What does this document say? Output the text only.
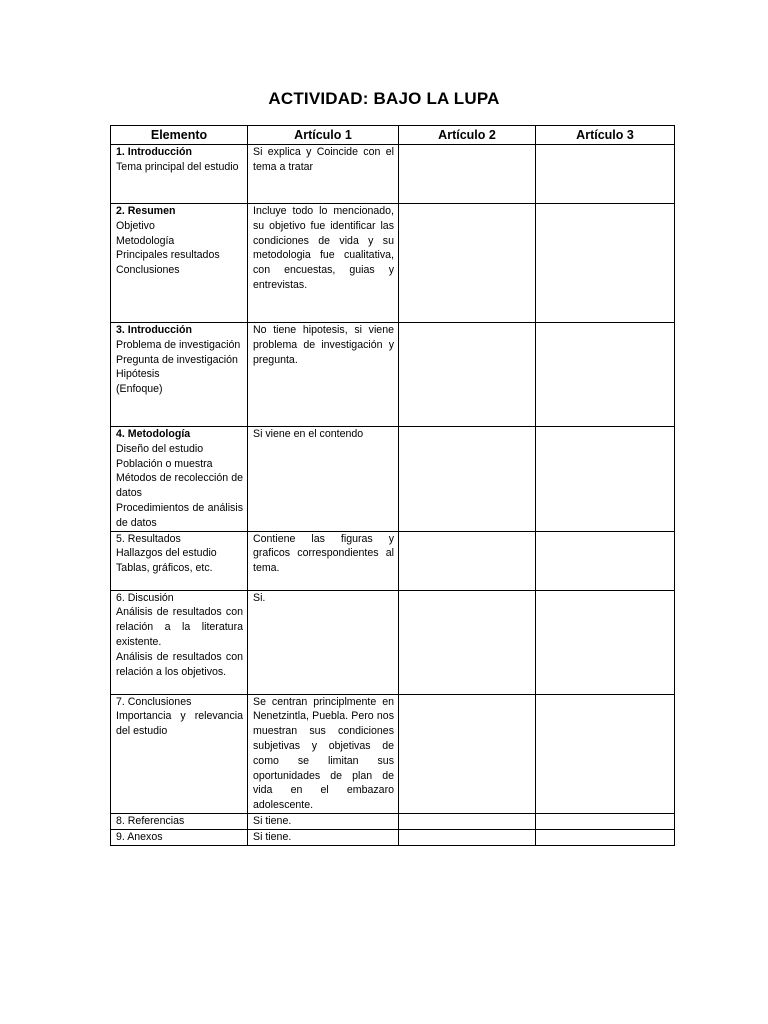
ACTIVIDAD: BAJO LA LUPA
Elemento	Artículo 1	Artículo 2	Artículo 3

1. Introducción
Tema principal del estudio	Si explica y Coincide con el tema a tratar		

2. Resumen
Objetivo
Metodología
Principales resultados
Conclusiones	Incluye todo lo mencionado, su objetivo fue identificar las condiciones de vida y su metodologia fue cualitativa, con encuestas, guias y entrevistas.		

3. Introducción
Problema de investigación
Pregunta de investigación
Hipótesis
(Enfoque)	No tiene hipotesis, si viene problema de investigación y pregunta.		

4. Metodología
Diseño del estudio
Población o muestra
Métodos de recolección de datos
Procedimientos de análisis de datos	Si viene en el contendo		

5. Resultados
Hallazgos del estudio
Tablas, gráficos, etc.	Contiene las figuras y graficos correspondientes al tema.		

6. Discusión
Análisis de resultados con relación a la literatura existente.
Análisis de resultados con relación a los objetivos.	Si.		

7. Conclusiones
Importancia y relevancia del estudio	Se centran principlmente en Nenetzintla, Puebla. Pero nos muestran sus condiciones subjetivas y objetivas de como se limitan sus oportunidades de plan de vida en el embazaro adolescente.		

8. Referencias	Si tiene.		

9. Anexos	Si tiene.		
